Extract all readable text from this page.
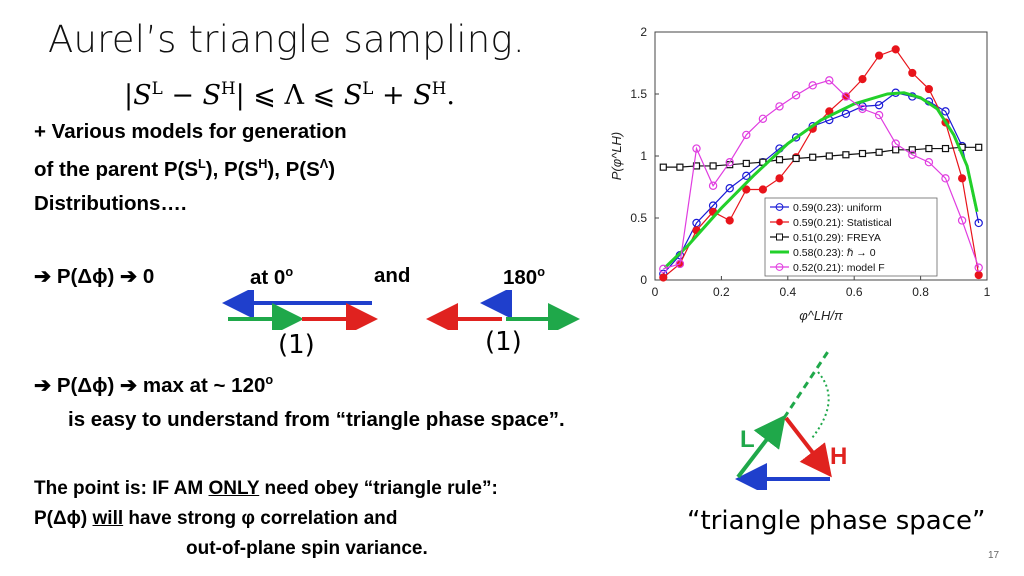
Aurel’s triangle sampling.
$|S^L - S^H|$ ⩽ Λ ⩽ $S^L + S^H$.
+ Various models for generation
of the parent $P(S^L)$, $P(S^H)$, $P(S^\Lambda)$
Distributions….
➔ P(Δϕ) ➔ 0	at 0$^o$	and	180$^o$
(1)	(1)
➔ P(Δϕ) ➔ max at ~ 120$^o$
is easy to understand from “triangle phase space”.
The point is: IF AM ONLY need obey “triangle rule”:
P(Δϕ) will have strong φ correlation and
out-of-plane spin variance.
L
H
“triangle phase space”
17
0	0.2	0.4	0.6	0.8	1
0
0.5
1
1.5
2
φ^LH/π
P(φ^LH)
0.59(0.23): uniform
0.59(0.21): Statistical
0.51(0.29): FREYA
0.58(0.23): ℏ → 0
0.52(0.21): model F
